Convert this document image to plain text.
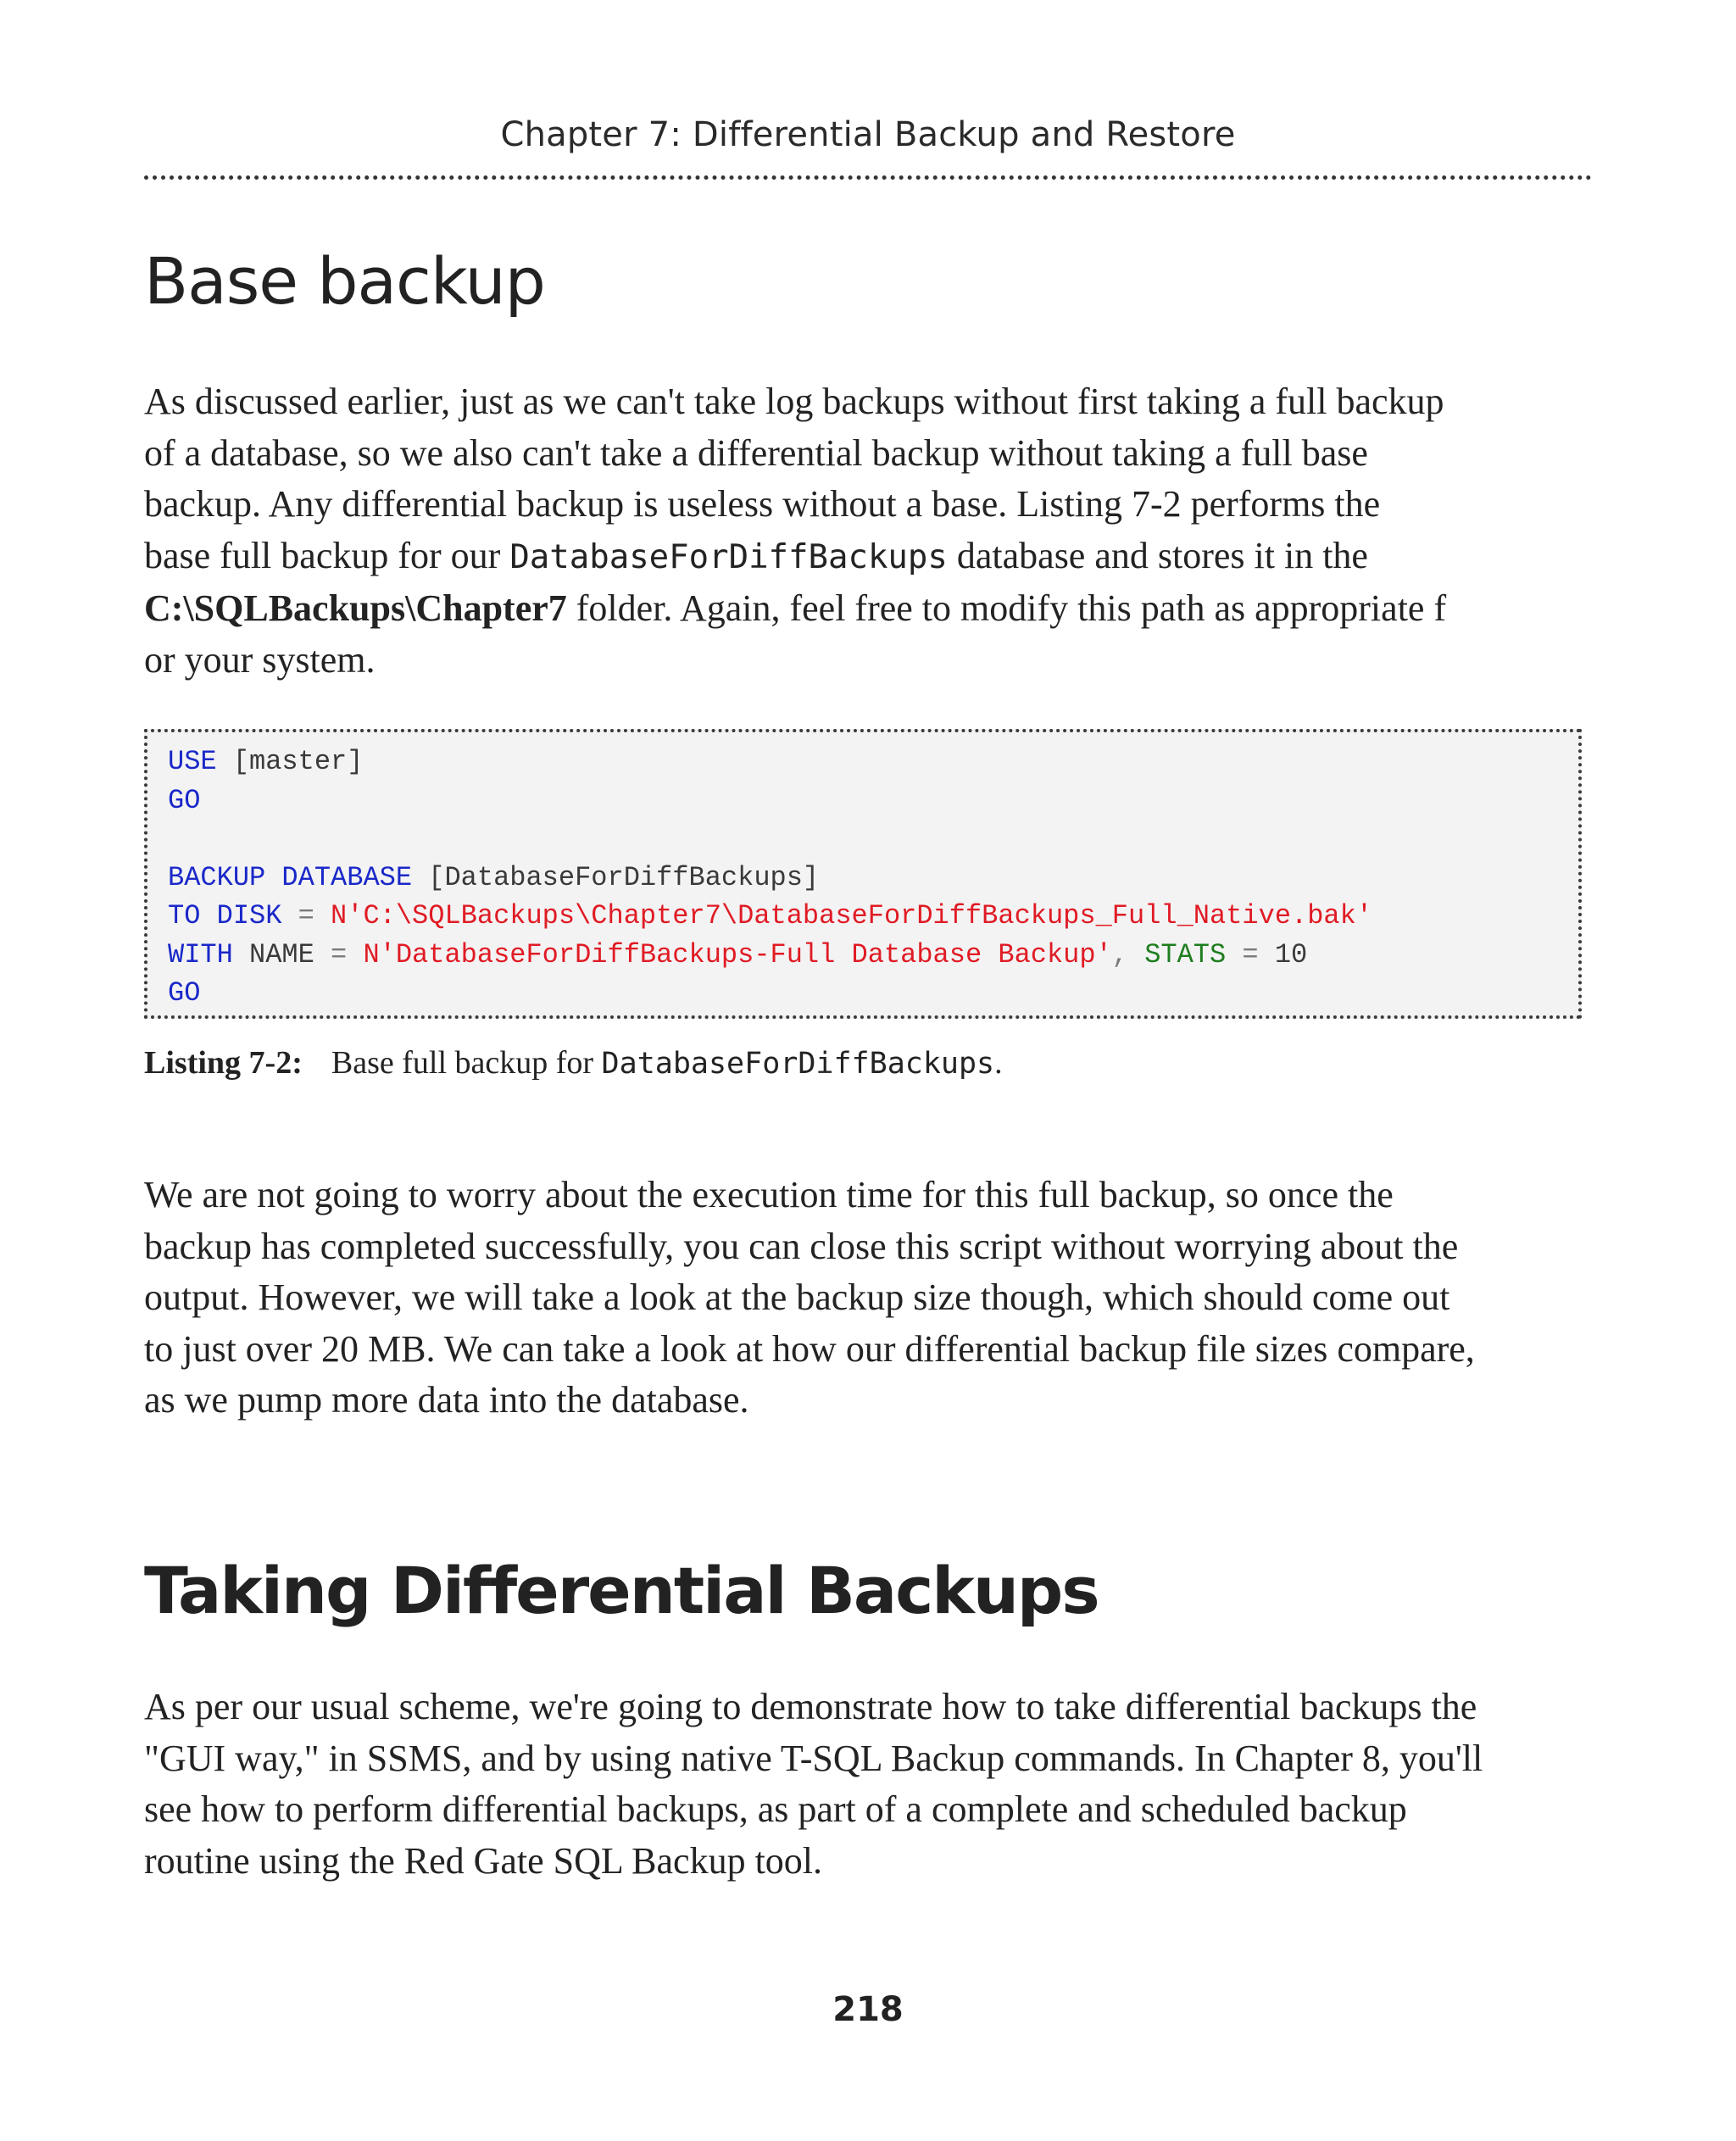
Chapter 7: Differential Backup and Restore
Base backup

As discussed earlier, just as we can't take log backups without first taking a full backup
of a database, so we also can't take a differential backup without taking a full base
backup. Any differential backup is useless without a base. Listing 7-2 performs the
base full backup for our DatabaseForDiffBackups database and stores it in the
C:\SQLBackups\Chapter7 folder. Again, feel free to modify this path as appropriate f
or your system.

USE [master]
GO

BACKUP DATABASE [DatabaseForDiffBackups]
TO DISK = N'C:\SQLBackups\Chapter7\DatabaseForDiffBackups_Full_Native.bak'
WITH NAME = N'DatabaseForDiffBackups-Full Database Backup', STATS = 10
GO
Listing 7-2: Base full backup for DatabaseForDiffBackups.

We are not going to worry about the execution time for this full backup, so once the
backup has completed successfully, you can close this script without worrying about the
output. However, we will take a look at the backup size though, which should come out
to just over 20 MB. We can take a look at how our differential backup file sizes compare,
as we pump more data into the database.

Taking Differential Backups

As per our usual scheme, we're going to demonstrate how to take differential backups the
"GUI way," in SSMS, and by using native T-SQL Backup commands. In Chapter 8, you'll
see how to perform differential backups, as part of a complete and scheduled backup
routine using the Red Gate SQL Backup tool.

218
